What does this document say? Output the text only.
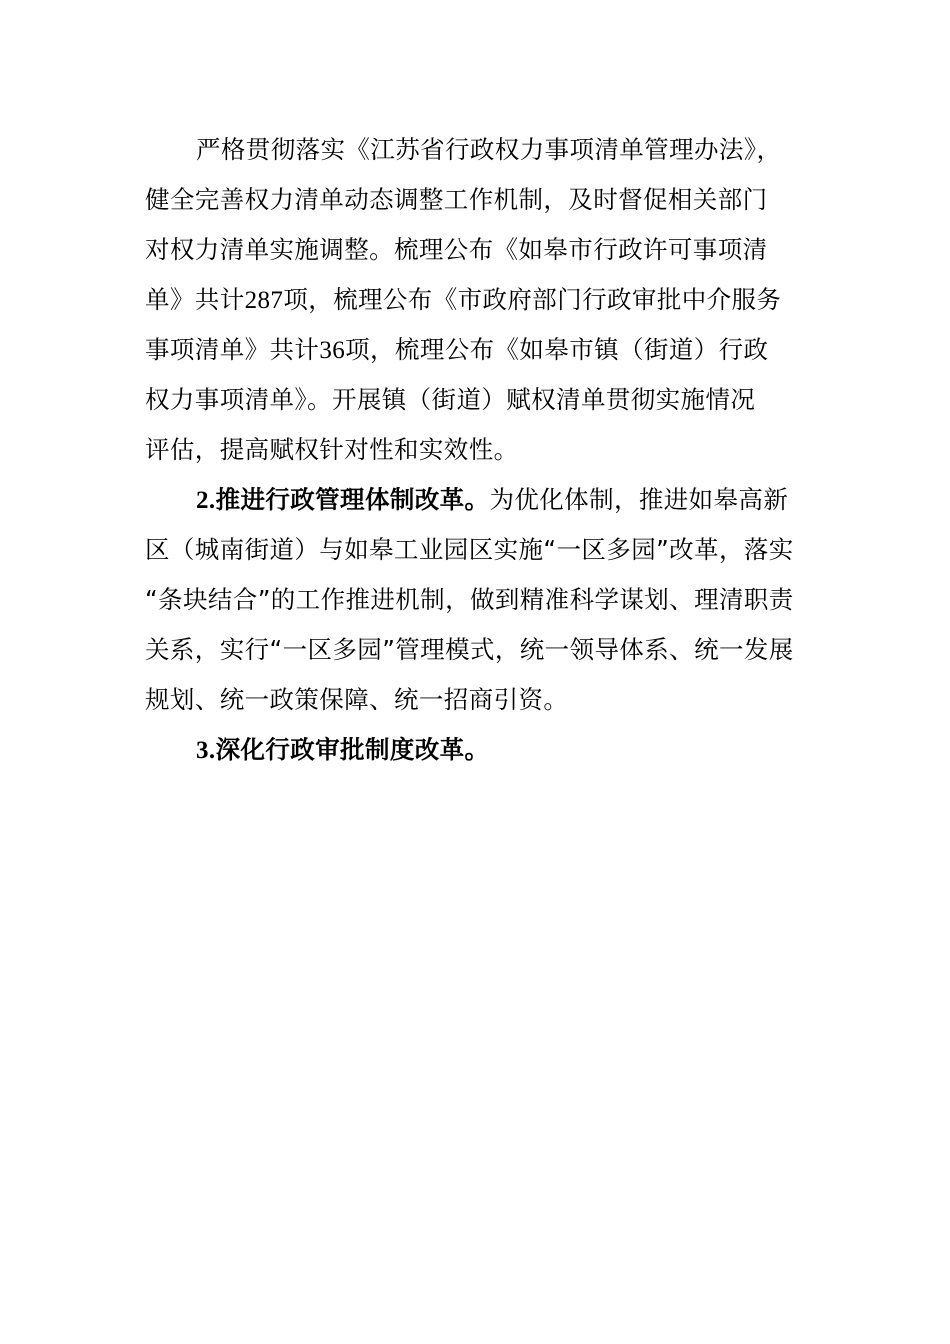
严格贯彻落实《江苏省行政权力事项清单管理办法》，
健全完善权力清单动态调整工作机制，及时督促相关部门
对权力清单实施调整。梳理公布《如皋市行政许可事项清
单》共计287项，梳理公布《市政府部门行政审批中介服务
事项清单》共计36项，梳理公布《如皋市镇（街道）行政
权力事项清单》。开展镇（街道）赋权清单贯彻实施情况
评估，提高赋权针对性和实效性。
2.推进行政管理体制改革。为优化体制，推进如皋高新
区（城南街道）与如皋工业园区实施“一区多园”改革，落实
“条块结合”的工作推进机制，做到精准科学谋划、理清职责
关系，实行“一区多园”管理模式，统一领导体系、统一发展
规划、统一政策保障、统一招商引资。
3.深化行政审批制度改革。
